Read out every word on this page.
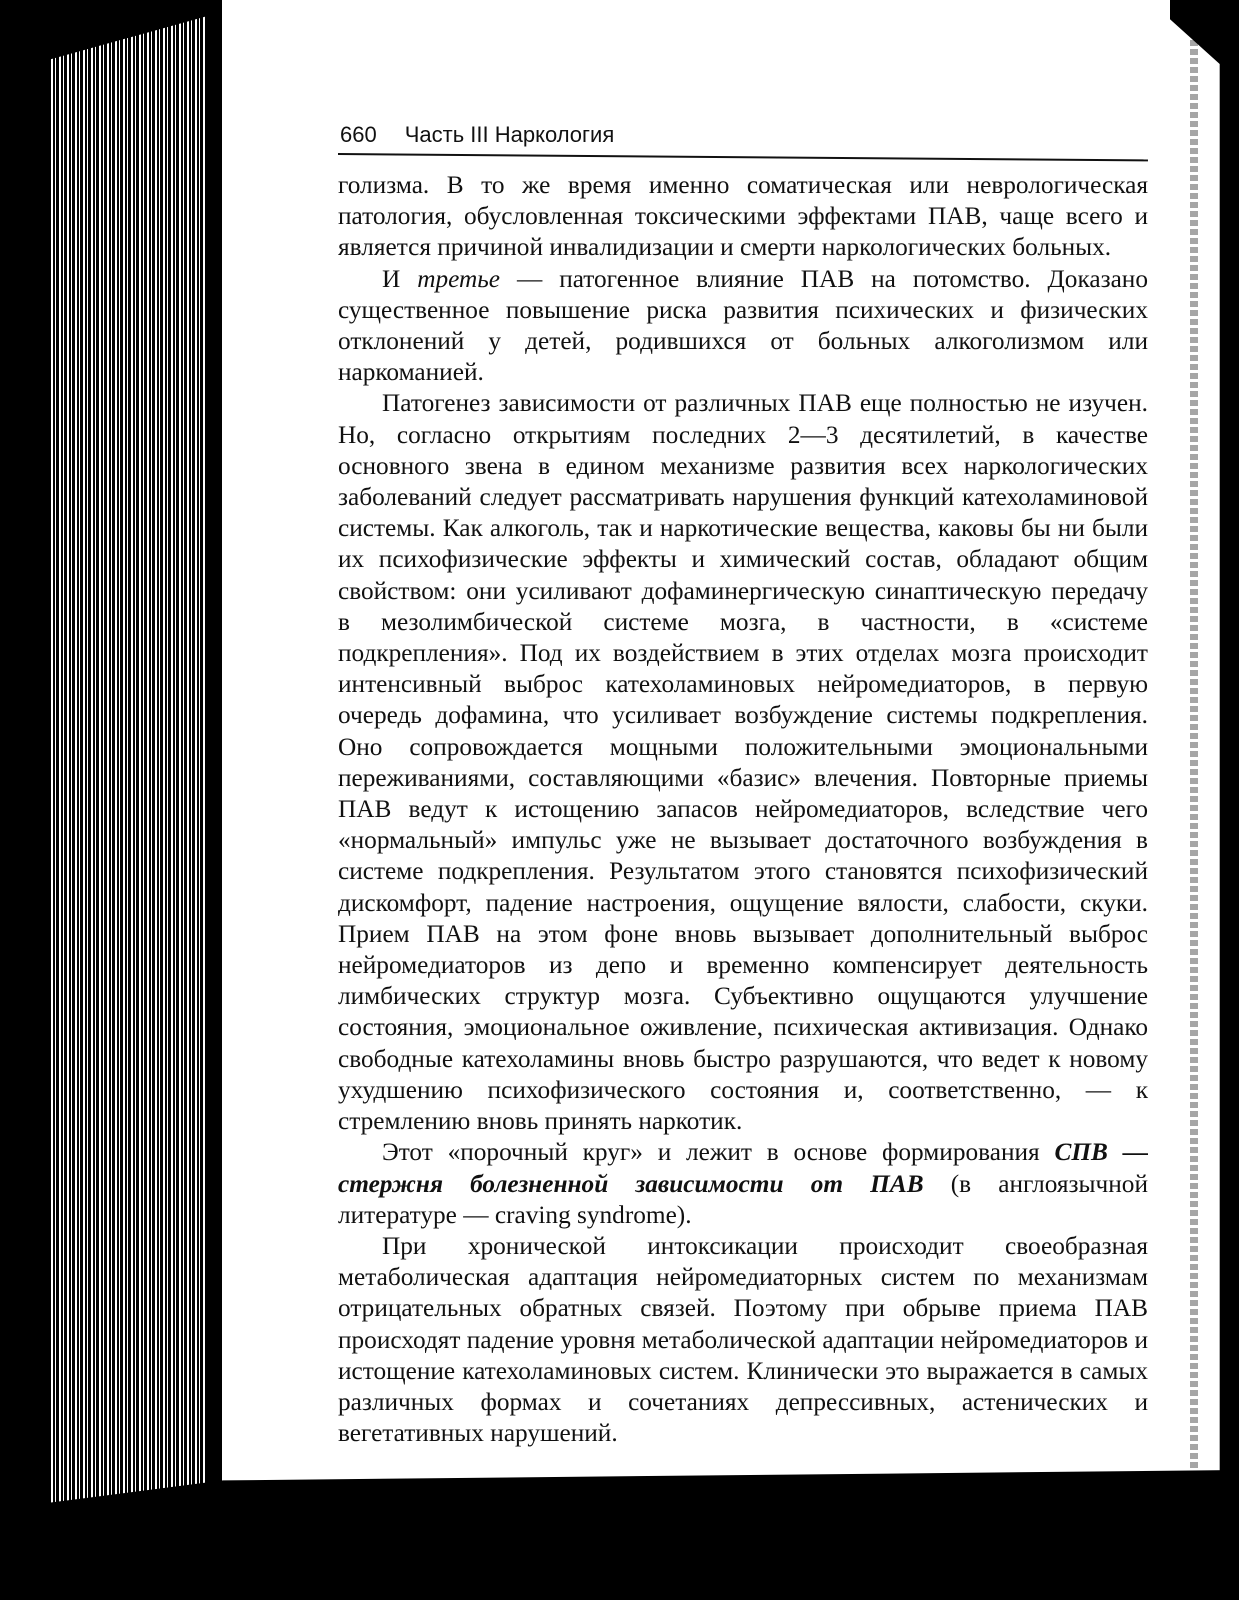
660 Часть III Наркология

голизма. В то же время именно соматическая или неврологическая патология, обусловленная токсическими эффектами ПАВ, чаще всего и является причиной инвалидизации и смерти наркологических больных.

И третье — патогенное влияние ПАВ на потомство. Доказано существенное повышение риска развития психических и физических отклонений у детей, родившихся от больных алкоголизмом или наркоманией.

Патогенез зависимости от различных ПАВ еще полностью не изучен. Но, согласно открытиям последних 2—3 десятилетий, в качестве основного звена в едином механизме развития всех наркологических заболеваний следует рассматривать нарушения функций катехоламиновой системы. Как алкоголь, так и наркотические вещества, каковы бы ни были их психофизические эффекты и химический состав, обладают общим свойством: они усиливают дофаминергическую синаптическую передачу в мезолимбической системе мозга, в частности, в «системе подкрепления». Под их воздействием в этих отделах мозга происходит интенсивный выброс катехоламиновых нейромедиаторов, в первую очередь дофамина, что усиливает возбуждение системы подкрепления. Оно сопровождается мощными положительными эмоциональными переживаниями, составляющими «базис» влечения. Повторные приемы ПАВ ведут к истощению запасов нейромедиаторов, вследствие чего «нормальный» импульс уже не вызывает достаточного возбуждения в системе подкрепления. Результатом этого становятся психофизический дискомфорт, падение настроения, ощущение вялости, слабости, скуки. Прием ПАВ на этом фоне вновь вызывает дополнительный выброс нейромедиаторов из депо и временно компенсирует деятельность лимбических структур мозга. Субъективно ощущаются улучшение состояния, эмоциональное оживление, психическая активизация. Однако свободные катехоламины вновь быстро разрушаются, что ведет к новому ухудшению психофизического состояния и, соответственно, — к стремлению вновь принять наркотик.

Этот «порочный круг» и лежит в основе формирования СПВ — стержня болезненной зависимости от ПАВ (в англоязычной литературе — craving syndrome).

При хронической интоксикации происходит своеобразная метаболическая адаптация нейромедиаторных систем по механизмам отрицательных обратных связей. Поэтому при обрыве приема ПАВ происходят падение уровня метаболической адаптации нейромедиаторов и истощение катехоламиновых систем. Клинически это выражается в самых различных формах и сочетаниях депрессивных, астенических и вегетативных нарушений.
